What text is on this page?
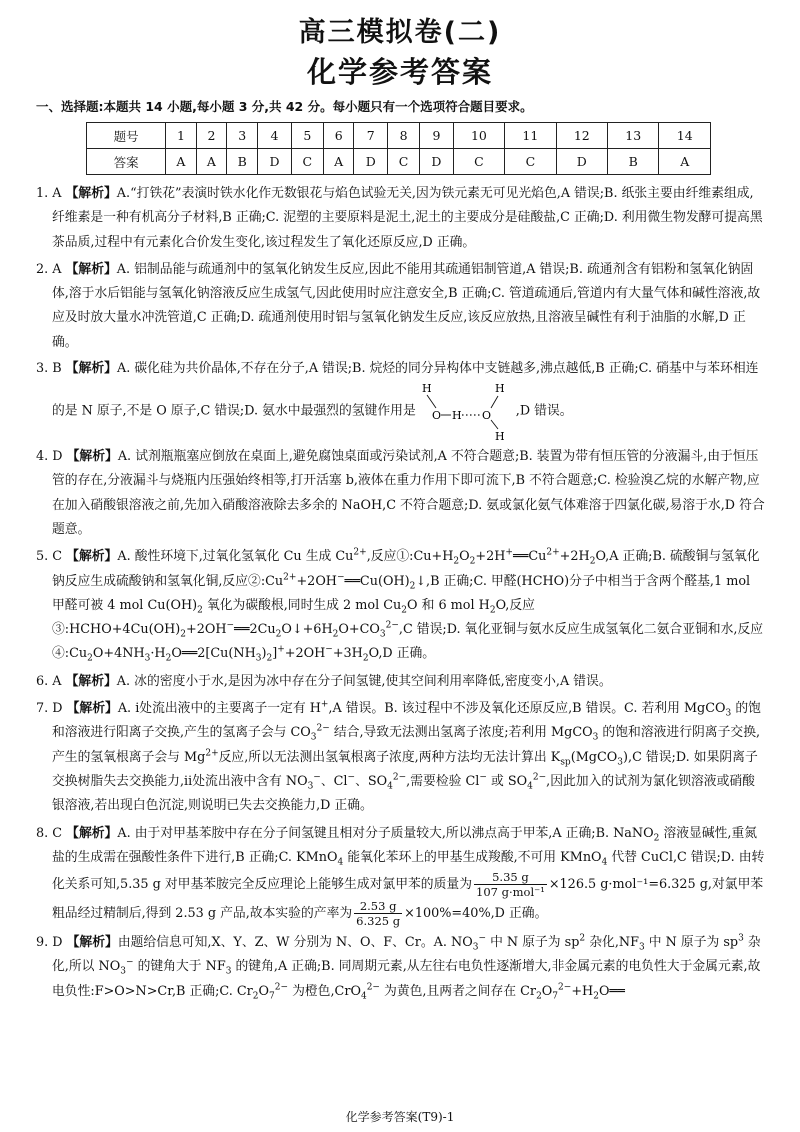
高三模拟卷(二)
化学参考答案
一、选择题:本题共 14 小题,每小题 3 分,共 42 分。每小题只有一个选项符合题目要求。
题号	1	2	3	4	5	6	7	8	9	10	11	12	13	14
答案	A	A	B	D	C	A	D	C	D	C	C	D	B	A

1. A 【解析】A.“打铁花”表演时铁水化作无数银花与焰色试验无关,因为铁元素无可见光焰色,A 错误;B. 纸张主要由纤维素组成,纤维素是一种有机高分子材料,B 正确;C. 泥塑的主要原料是泥土,泥土的主要成分是硅酸盐,C 正确;D. 利用微生物发酵可提高黑茶品质,过程中有元素化合价发生变化,该过程发生了氧化还原反应,D 正确。

2. A 【解析】A. 铝制品能与疏通剂中的氢氧化钠发生反应,因此不能用其疏通铝制管道,A 错误;B. 疏通剂含有铝粉和氢氧化钠固体,溶于水后铝能与氢氧化钠溶液反应生成氢气,因此使用时应注意安全,B 正确;C. 管道疏通后,管道内有大量气体和碱性溶液,故应及时放大量水冲洗管道,C 正确;D. 疏通剂使用时铝与氢氧化钠发生反应,该反应放热,且溶液呈碱性有利于油脂的水解,D 正确。

3. B 【解析】A. 碳化硅为共价晶体,不存在分子,A 错误;B. 烷烃的同分异构体中支链越多,沸点越低,B 正确;C. 硝基中与苯环相连的是 N 原子,不是 O 原子,C 错误;D. 氨水中最强烈的氢键作用是
H
O H O
H
H
,D 错误。

4. D 【解析】A. 试剂瓶瓶塞应倒放在桌面上,避免腐蚀桌面或污染试剂,A 不符合题意;B. 装置为带有恒压管的分液漏斗,由于恒压管的存在,分液漏斗与烧瓶内压强始终相等,打开活塞 b,液体在重力作用下即可流下,B 不符合题意;C. 检验溴乙烷的水解产物,应在加入硝酸银溶液之前,先加入硝酸溶液除去多余的 NaOH,C 不符合题意;D. 氨或氯化氨气体难溶于四氯化碳,易溶于水,D 符合题意。

5. C 【解析】A. 酸性环境下,过氧化氢氧化 Cu 生成 $Cu^{2+}$,反应$①:Cu+H_2O_2+2H^+══Cu^{2+}+2H_2O,A$ 正确;B. 硫酸铜与氢氧化钠反应生成硫酸钠和氢氧化铜,反应$②:Cu^{2+}+2OH^-══Cu(OH)_2↓,B$ 正确;C. 甲醛(HCHO)分子中相当于含两个醛基,1 mol 甲醛可被 4 mol $Cu(OH)_2$ 氧化为碳酸根,同时生成 2 mol $Cu_2O$ 和 6 mol $H_2O$,反应$③:HCHO+4Cu(OH)_2+2OH^-══2Cu_2O↓+6H_2O+CO_3^{2-},C$ 错误;D. 氧化亚铜与氨水反应生成氢氧化二氨合亚铜和水,反应$④:Cu_2O+4NH_3\cdot H_2O══2[Cu(NH_3)_2]^++2OH^-+3H_2O,D$ 正确。

6. A 【解析】A. 冰的密度小于水,是因为冰中存在分子间氢键,使其空间利用率降低,密度变小,A 错误。

7. D 【解析】A. ⅰ处流出液中的主要离子一定有 H+,A 错误。B. 该过程中不涉及氧化还原反应,B 错误。C. 若利用 MgCO$_3$ 的饱和溶液进行阳离子交换,产生的氢离子会与 $CO_3^{2-}$ 结合,导致无法测出氢离子浓度;若利用 MgCO$_3$ 的饱和溶液进行阴离子交换,产生的氢氧根离子会与 $Mg^{2+}$反应,所以无法测出氢氧根离子浓度,两种方法均无法计算出 $K_{sp}(MgCO_3),C$ 错误;D. 如果阴离子交换树脂失去交换能力,ⅱ处流出液中含有 $NO_3^-$、Cl−、$SO_4^{2-}$,需要检验 Cl− 或 $SO_4^{2-}$,因此加入的试剂为氯化钡溶液或硝酸银溶液,若出现白色沉淀,则说明已失去交换能力,D 正确。

8. C 【解析】A. 由于对甲基苯胺中存在分子间氢键且相对分子质量较大,所以沸点高于甲苯,A 正确;B. NaNO$_2$ 溶液显碱性,重氮盐的生成需在强酸性条件下进行,B 正确;C. KMnO$_4$ 能氧化苯环上的甲基生成羧酸,不可用 KMnO$_4$ 代替 CuCl,C 错误;D. 由转化关系可知,5.35 g 对甲基苯胺完全反应理论上能够生成对氯甲苯的质量为 $\frac{5.35 g}{\text{107 g·mol⁻¹}} \times 126.5$ g·mol⁻¹=6.325 g,对氯甲苯粗品经过精制后,得到 2.53 g 产品,故本实验的产率为 $\frac{2.53 g}{6.325 g} \times 100\%=40\%,D$ 正确。

9. D 【解析】由题给信息可知,X、Y、Z、W 分别为 N、O、F、Cr。A. $NO_3^-$ 中 N 原子为 $sp^2$ 杂化$,NF_3$ 中 N 原子为 $sp^3$ 杂化,所以 $NO_3^-$ 的键角大于 $NF_3$ 的键角,A 正确;B. 同周期元素,从左往右电负性逐渐增大,非金属元素的电负性大于金属元素,故电负性:F>O>N>Cr,B 正确;C. $Cr_2O_7^{2-}$ 为橙色,CrO$_4^{2-}$ 为黄色,且两者之间存在 $Cr_2O_7^{2-}+H_2O══$

化学参考答案(T9)-1
